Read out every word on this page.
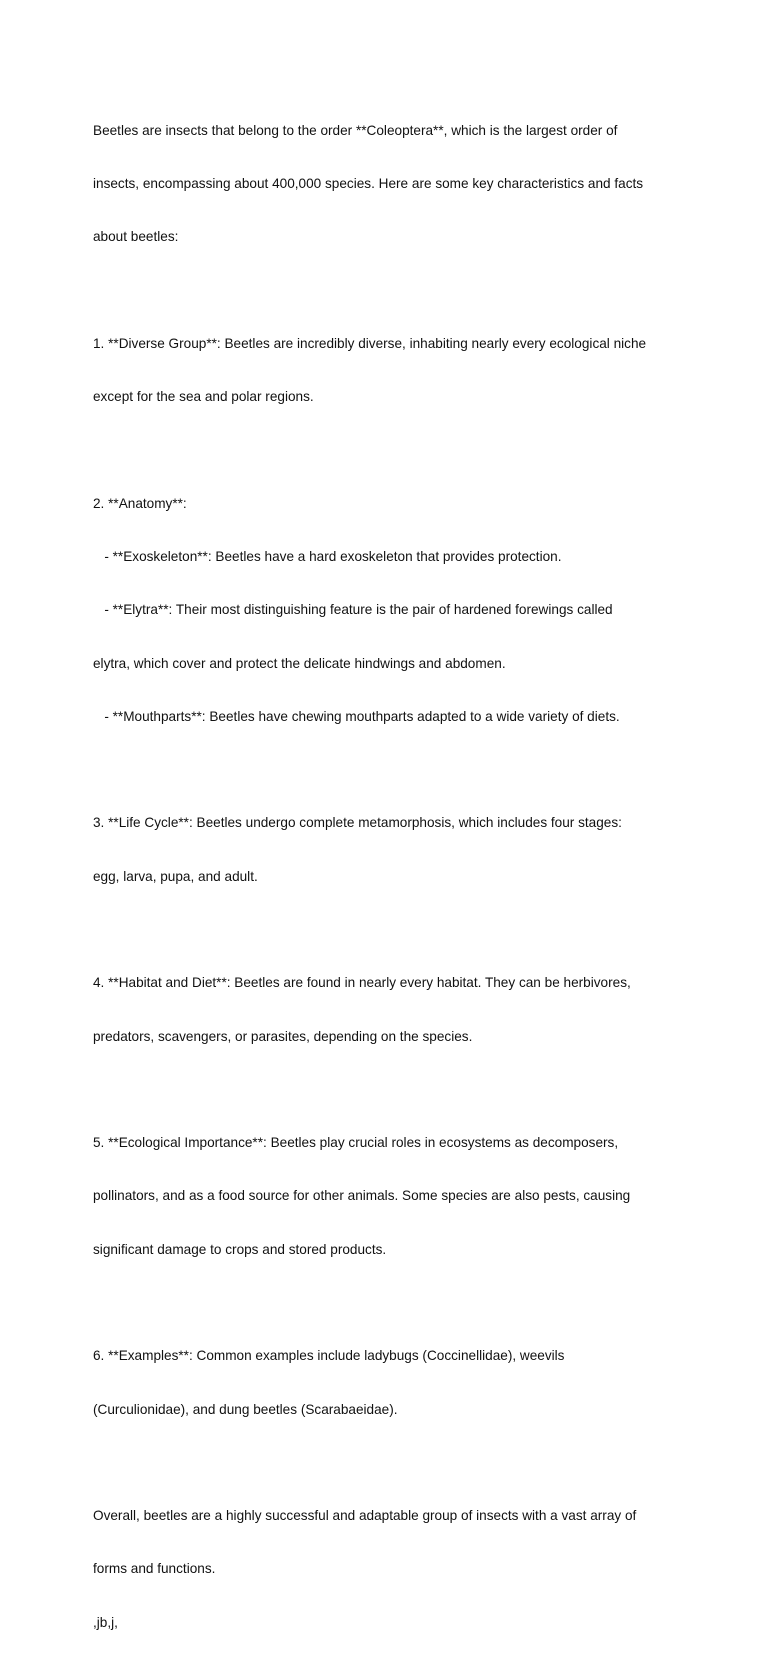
Beetles are insects that belong to the order **Coleoptera**, which is the largest order of

insects, encompassing about 400,000 species. Here are some key characteristics and facts

about beetles:

1. **Diverse Group**: Beetles are incredibly diverse, inhabiting nearly every ecological niche

except for the sea and polar regions.

2. **Anatomy**:

- **Exoskeleton**: Beetles have a hard exoskeleton that provides protection.

- **Elytra**: Their most distinguishing feature is the pair of hardened forewings called

elytra, which cover and protect the delicate hindwings and abdomen.

- **Mouthparts**: Beetles have chewing mouthparts adapted to a wide variety of diets.

3. **Life Cycle**: Beetles undergo complete metamorphosis, which includes four stages:

egg, larva, pupa, and adult.

4. **Habitat and Diet**: Beetles are found in nearly every habitat. They can be herbivores,

predators, scavengers, or parasites, depending on the species.

5. **Ecological Importance**: Beetles play crucial roles in ecosystems as decomposers,

pollinators, and as a food source for other animals. Some species are also pests, causing

significant damage to crops and stored products.

6. **Examples**: Common examples include ladybugs (Coccinellidae), weevils

(Curculionidae), and dung beetles (Scarabaeidae).

Overall, beetles are a highly successful and adaptable group of insects with a vast array of

forms and functions.

,jb,j,
